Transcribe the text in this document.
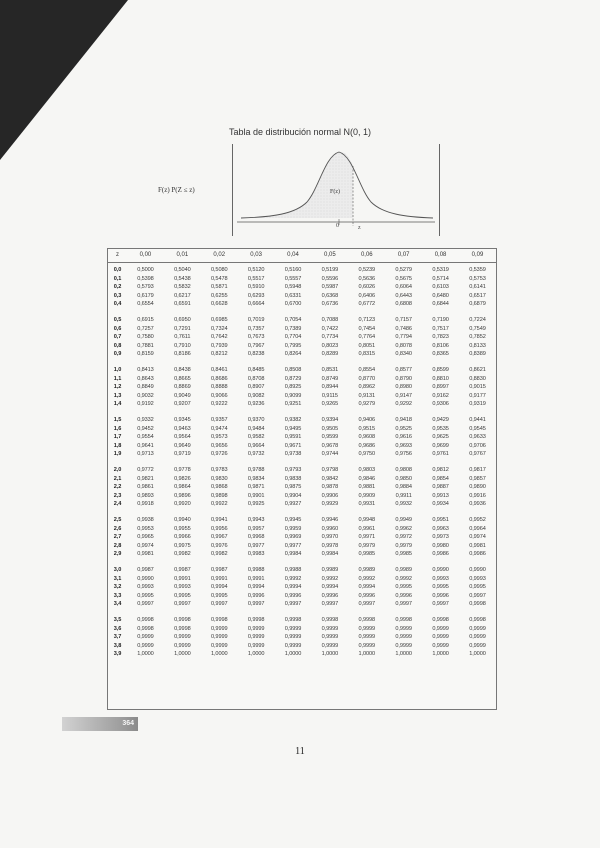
Tabla de distribución normal N(0, 1)
F(z) P(Z ≤ z)	F(z)
0	z
z	0,00	0,01	0,02	0,03	0,04	0,05	0,06	0,07	0,08	0,09
0,0	0,5000	0,5040	0,5080	0,5120	0,5160	0,5199	0,5239	0,5279	0,5319	0,5359
0,1	0,5398	0,5438	0,5478	0,5517	0,5557	0,5596	0,5636	0,5675	0,5714	0,5753
0,2	0,5793	0,5832	0,5871	0,5910	0,5948	0,5987	0,6026	0,6064	0,6103	0,6141
0,3	0,6179	0,6217	0,6255	0,6293	0,6331	0,6368	0,6406	0,6443	0,6480	0,6517
0,4	0,6554	0,6591	0,6628	0,6664	0,6700	0,6736	0,6772	0,6808	0,6844	0,6879
0,5	0,6915	0,6950	0,6985	0,7019	0,7054	0,7088	0,7123	0,7157	0,7190	0,7224
0,6	0,7257	0,7291	0,7324	0,7357	0,7389	0,7422	0,7454	0,7486	0,7517	0,7549
0,7	0,7580	0,7611	0,7642	0,7673	0,7704	0,7734	0,7764	0,7794	0,7823	0,7852
0,8	0,7881	0,7910	0,7939	0,7967	0,7995	0,8023	0,8051	0,8078	0,8106	0,8133
0,9	0,8159	0,8186	0,8212	0,8238	0,8264	0,8289	0,8315	0,8340	0,8365	0,8389
1,0	0,8413	0,8438	0,8461	0,8485	0,8508	0,8531	0,8554	0,8577	0,8599	0,8621
1,1	0,8643	0,8665	0,8686	0,8708	0,8729	0,8749	0,8770	0,8790	0,8810	0,8830
1,2	0,8849	0,8869	0,8888	0,8907	0,8925	0,8944	0,8962	0,8980	0,8997	0,9015
1,3	0,9032	0,9049	0,9066	0,9082	0,9099	0,9115	0,9131	0,9147	0,9162	0,9177
1,4	0,9192	0,9207	0,9222	0,9236	0,9251	0,9265	0,9279	0,9292	0,9306	0,9319
1,5	0,9332	0,9345	0,9357	0,9370	0,9382	0,9394	0,9406	0,9418	0,9429	0,9441
1,6	0,9452	0,9463	0,9474	0,9484	0,9495	0,9505	0,9515	0,9525	0,9535	0,9545
1,7	0,9554	0,9564	0,9573	0,9582	0,9591	0,9599	0,9608	0,9616	0,9625	0,9633
1,8	0,9641	0,9649	0,9656	0,9664	0,9671	0,9678	0,9686	0,9693	0,9699	0,9706
1,9	0,9713	0,9719	0,9726	0,9732	0,9738	0,9744	0,9750	0,9756	0,9761	0,9767
2,0	0,9772	0,9778	0,9783	0,9788	0,9793	0,9798	0,9803	0,9808	0,9812	0,9817
2,1	0,9821	0,9826	0,9830	0,9834	0,9838	0,9842	0,9846	0,9850	0,9854	0,9857
2,2	0,9861	0,9864	0,9868	0,9871	0,9875	0,9878	0,9881	0,9884	0,9887	0,9890
2,3	0,9893	0,9896	0,9898	0,9901	0,9904	0,9906	0,9909	0,9911	0,9913	0,9916
2,4	0,9918	0,9920	0,9922	0,9925	0,9927	0,9929	0,9931	0,9932	0,9934	0,9936
2,5	0,9938	0,9940	0,9941	0,9943	0,9945	0,9946	0,9948	0,9949	0,9951	0,9952
2,6	0,9953	0,9955	0,9956	0,9957	0,9959	0,9960	0,9961	0,9962	0,9963	0,9964
2,7	0,9965	0,9966	0,9967	0,9968	0,9969	0,9970	0,9971	0,9972	0,9973	0,9974
2,8	0,9974	0,9975	0,9976	0,9977	0,9977	0,9978	0,9979	0,9979	0,9980	0,9981
2,9	0,9981	0,9982	0,9982	0,9983	0,9984	0,9984	0,9985	0,9985	0,9986	0,9986
3,0	0,9987	0,9987	0,9987	0,9988	0,9988	0,9989	0,9989	0,9989	0,9990	0,9990
3,1	0,9990	0,9991	0,9991	0,9991	0,9992	0,9992	0,9992	0,9992	0,9993	0,9993
3,2	0,9993	0,9993	0,9994	0,9994	0,9994	0,9994	0,9994	0,9995	0,9995	0,9995
3,3	0,9995	0,9995	0,9995	0,9996	0,9996	0,9996	0,9996	0,9996	0,9996	0,9997
3,4	0,9997	0,9997	0,9997	0,9997	0,9997	0,9997	0,9997	0,9997	0,9997	0,9998
3,5	0,9998	0,9998	0,9998	0,9998	0,9998	0,9998	0,9998	0,9998	0,9998	0,9998
3,6	0,9998	0,9998	0,9999	0,9999	0,9999	0,9999	0,9999	0,9999	0,9999	0,9999
3,7	0,9999	0,9999	0,9999	0,9999	0,9999	0,9999	0,9999	0,9999	0,9999	0,9999
3,8	0,9999	0,9999	0,9999	0,9999	0,9999	0,9999	0,9999	0,9999	0,9999	0,9999
3,9	1,0000	1,0000	1,0000	1,0000	1,0000	1,0000	1,0000	1,0000	1,0000	1,0000
364
11
